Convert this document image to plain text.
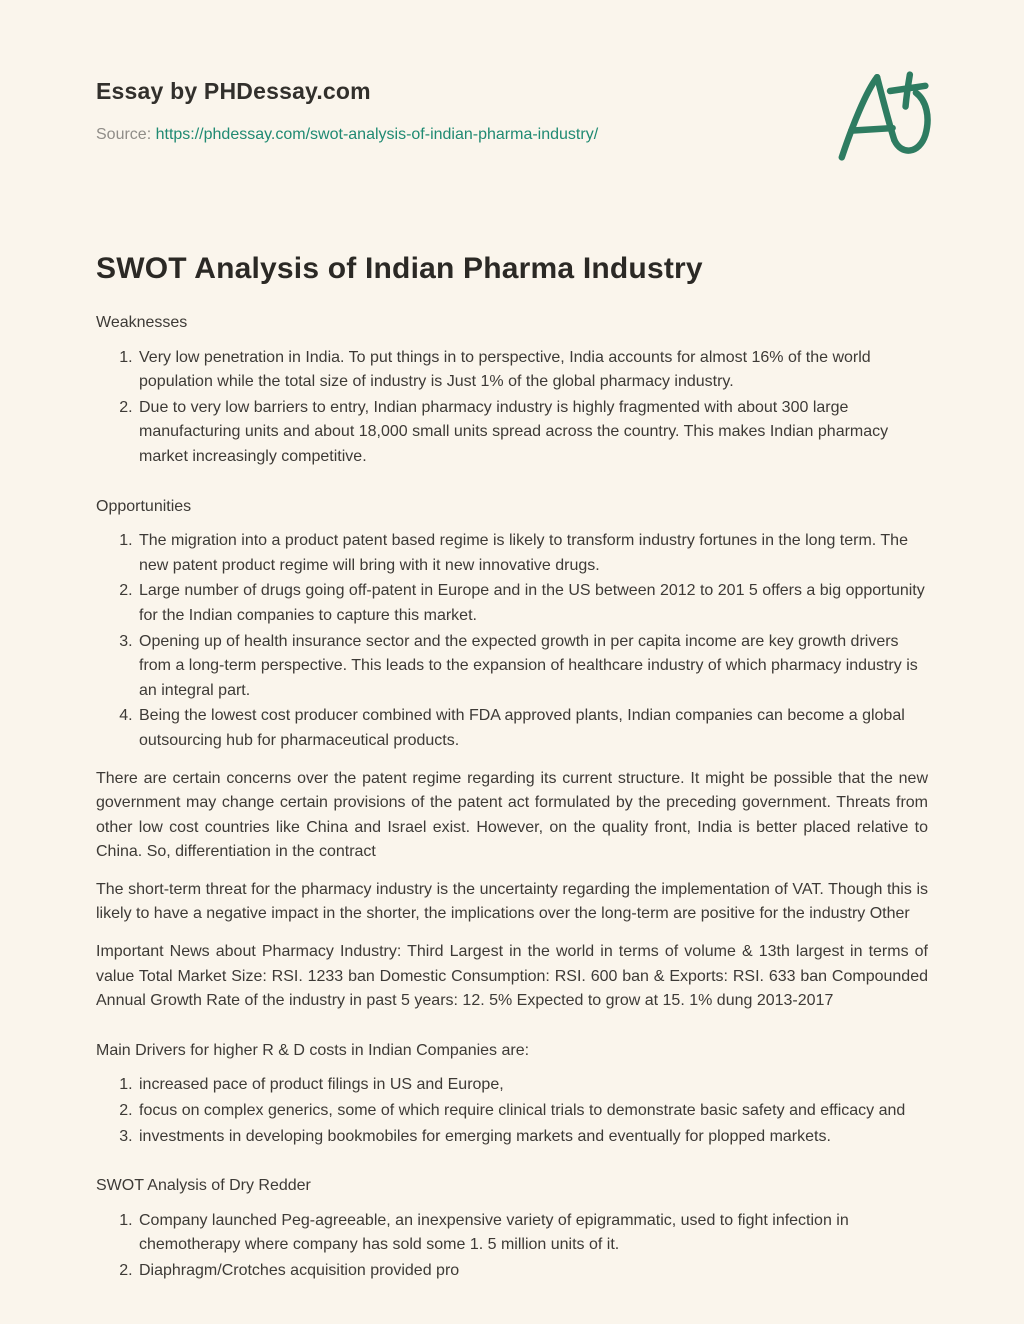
Essay by PHDessay.com
Source: https://phdessay.com/swot-analysis-of-indian-pharma-industry/
SWOT Analysis of Indian Pharma Industry

Weaknesses

1. Very low penetration in India. To put things in to perspective, India accounts for almost 16% of the world population while the total size of industry is Just 1% of the global pharmacy industry.
2. Due to very low barriers to entry, Indian pharmacy industry is highly fragmented with about 300 large manufacturing units and about 18,000 small units spread across the country. This makes Indian pharmacy market increasingly competitive.

Opportunities

1. The migration into a product patent based regime is likely to transform industry fortunes in the long term. The new patent product regime will bring with it new innovative drugs.
2. Large number of drugs going off-patent in Europe and in the US between 2012 to 201 5 offers a big opportunity for the Indian companies to capture this market.
3. Opening up of health insurance sector and the expected growth in per capita income are key growth drivers from a long-term perspective. This leads to the expansion of healthcare industry of which pharmacy industry is an integral part.
4. Being the lowest cost producer combined with FDA approved plants, Indian companies can become a global outsourcing hub for pharmaceutical products.

There are certain concerns over the patent regime regarding its current structure. It might be possible that the new government may change certain provisions of the patent act formulated by the preceding government. Threats from other low cost countries like China and Israel exist. However, on the quality front, India is better placed relative to China. So, differentiation in the contract

The short-term threat for the pharmacy industry is the uncertainty regarding the implementation of VAT. Though this is likely to have a negative impact in the shorter, the implications over the long-term are positive for the industry Other

Important News about Pharmacy Industry: Third Largest in the world in terms of volume & 13th largest in terms of value Total Market Size: RSI. 1233 ban Domestic Consumption: RSI. 600 ban & Exports: RSI. 633 ban Compounded Annual Growth Rate of the industry in past 5 years: 12. 5% Expected to grow at 15. 1% dung 2013-2017

Main Drivers for higher R & D costs in Indian Companies are:

1. increased pace of product filings in US and Europe,
2. focus on complex generics, some of which require clinical trials to demonstrate basic safety and efficacy and
3. investments in developing bookmobiles for emerging markets and eventually for plopped markets.

SWOT Analysis of Dry Redder

1. Company launched Peg-agreeable, an inexpensive variety of epigrammatic, used to fight infection in chemotherapy where company has sold some 1. 5 million units of it.
2. Diaphragm/Crotches acquisition provided pro
